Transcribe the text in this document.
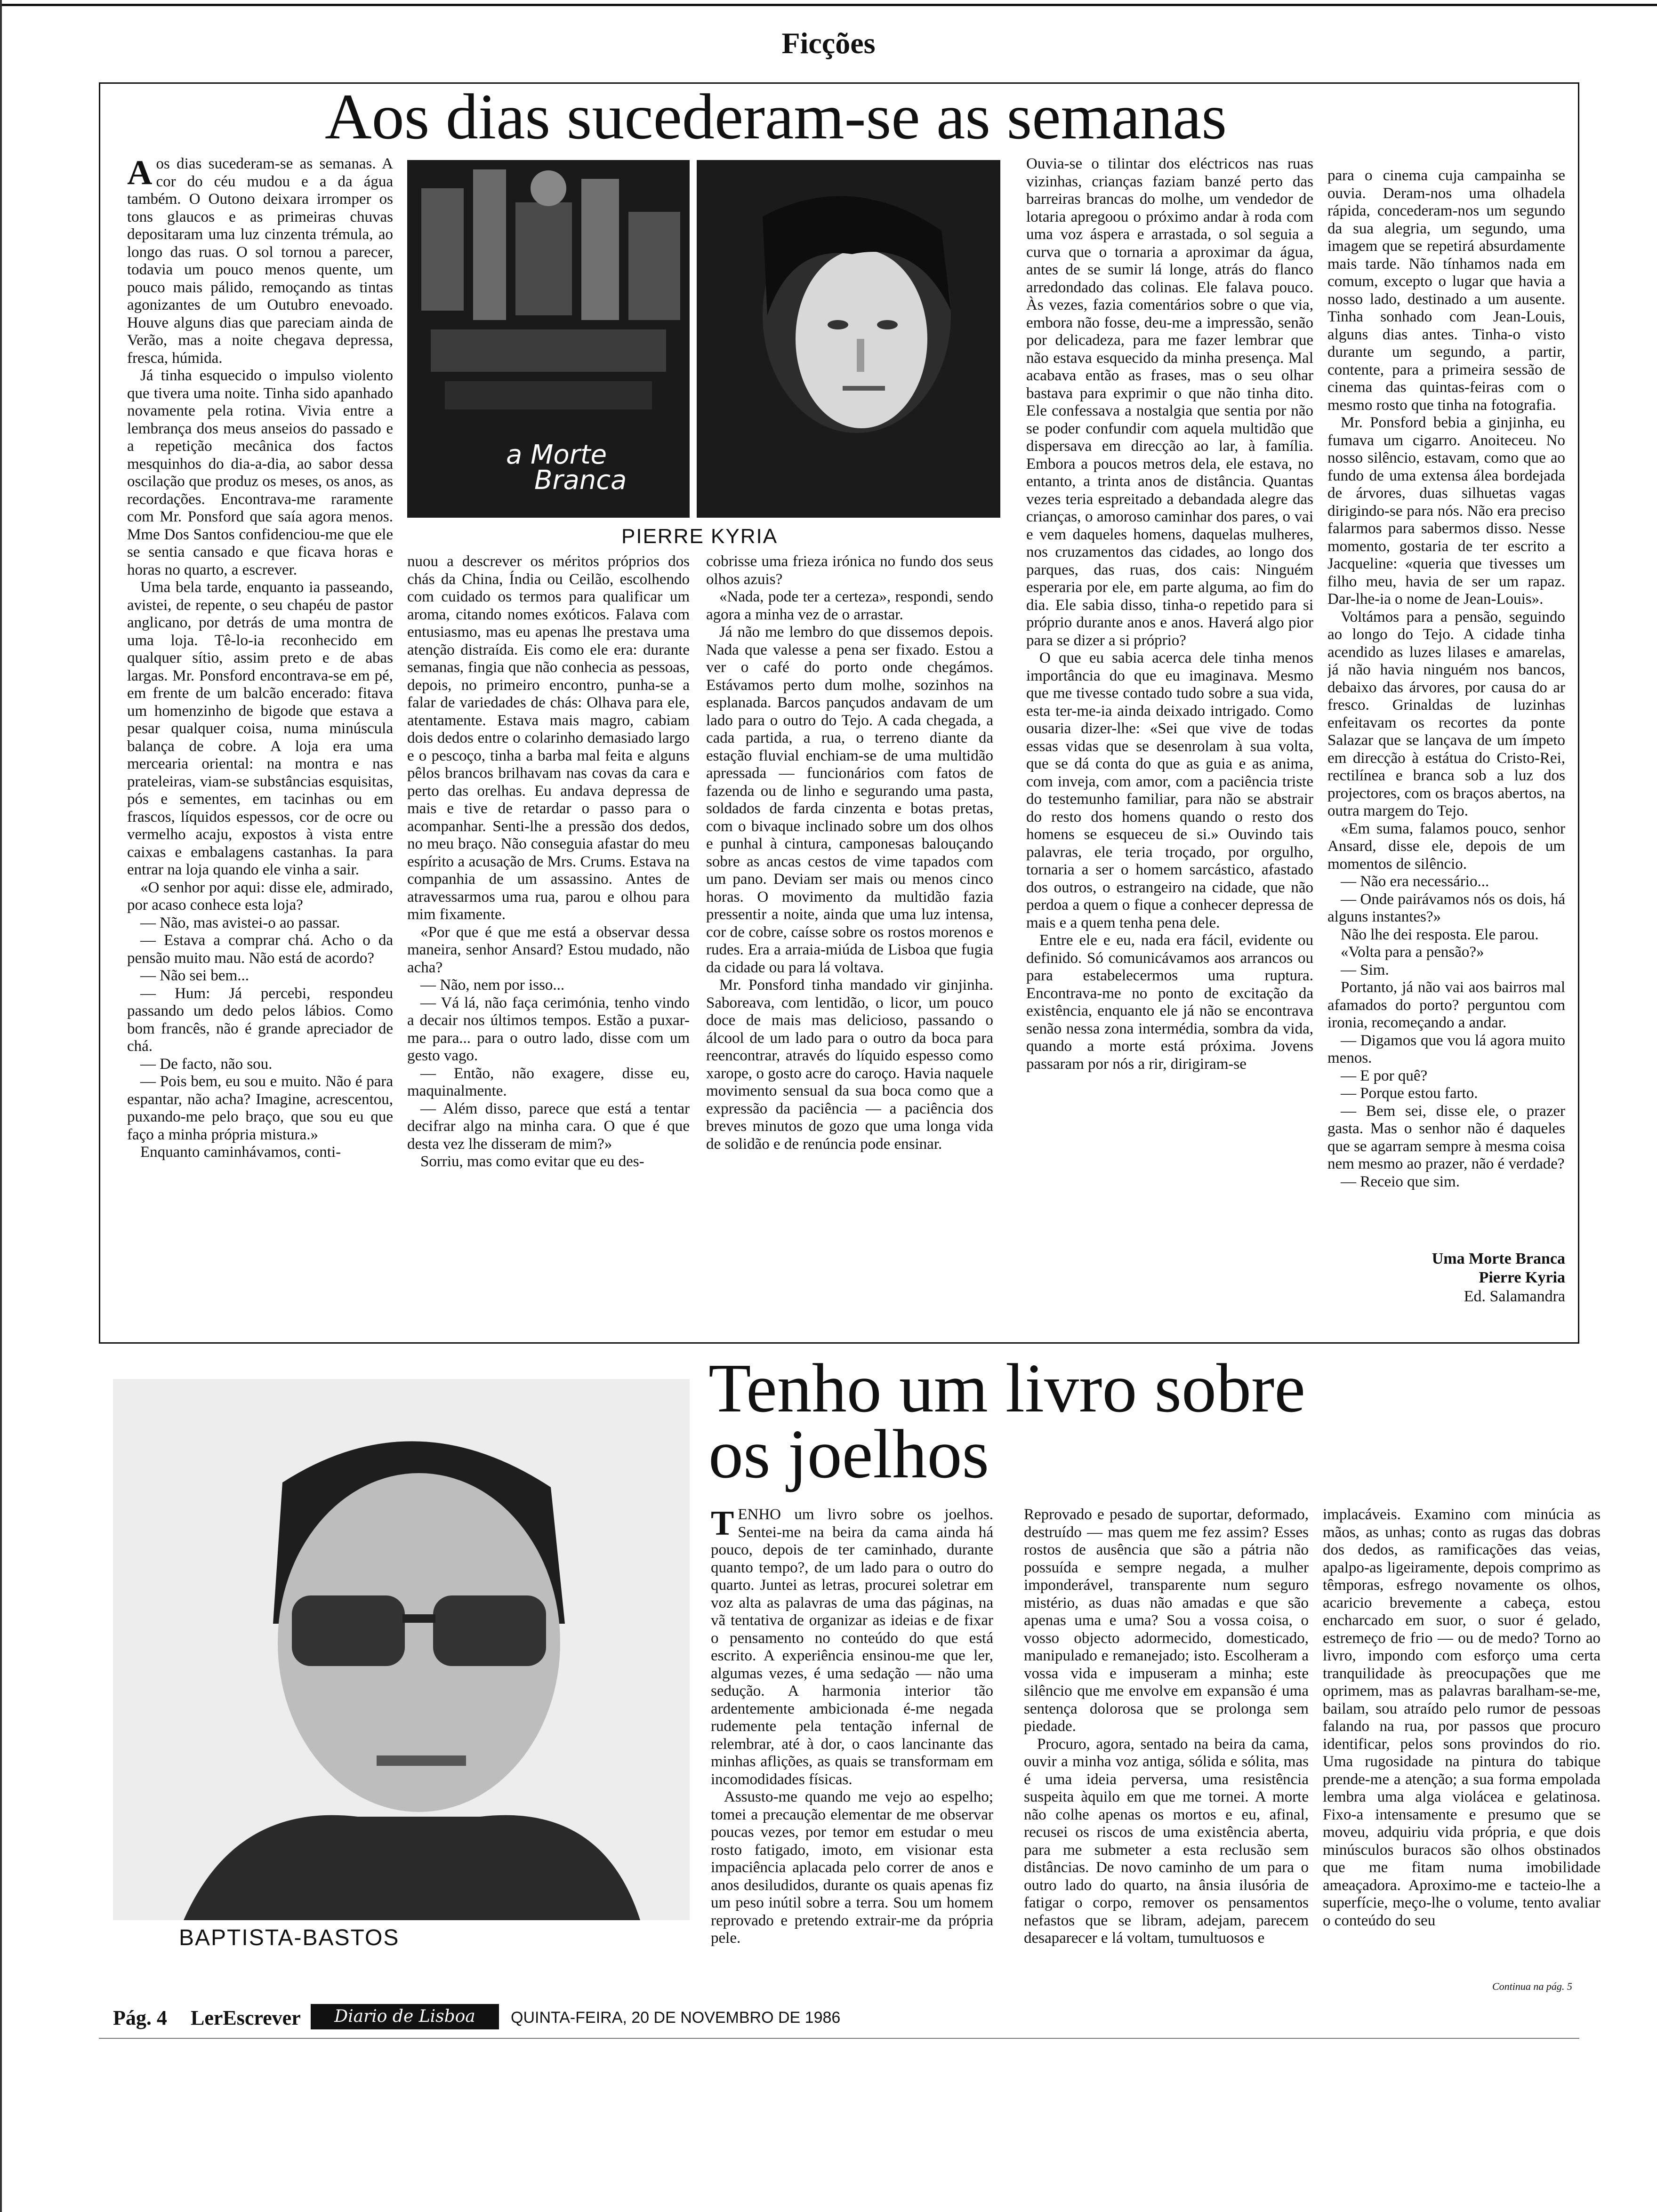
Ficções
Aos dias sucederam-se as semanas

Aos dias sucederam-se as semanas. A cor do céu mudou e a da água também. O Outono deixara irromper os tons glaucos e as primeiras chuvas depositaram uma luz cinzenta trémula, ao longo das ruas. O sol tornou a parecer, todavia um pouco menos quente, um pouco mais pálido, remoçando as tintas agonizantes de um Outubro enevoado. Houve alguns dias que pareciam ainda de Verão, mas a noite chegava depressa, fresca, húmida.

Já tinha esquecido o impulso violento que tivera uma noite. Tinha sido apanhado novamente pela rotina. Vivia entre a lembrança dos meus anseios do passado e a repetição mecânica dos factos mesquinhos do dia-a-dia, ao sabor dessa oscilação que produz os meses, os anos, as recordações. Encontrava-me raramente com Mr. Ponsford que saía agora menos. Mme Dos Santos confidenciou-me que ele se sentia cansado e que ficava horas e horas no quarto, a escrever.

Uma bela tarde, enquanto ia passeando, avistei, de repente, o seu chapéu de pastor anglicano, por detrás de uma montra de uma loja. Tê-lo-ia reconhecido em qualquer sítio, assim preto e de abas largas. Mr. Ponsford encontrava-se em pé, em frente de um balcão encerado: fitava um homenzinho de bigode que estava a pesar qualquer coisa, numa minúscula balança de cobre. A loja era uma mercearia oriental: na montra e nas prateleiras, viam-se substâncias esquisitas, pós e sementes, em tacinhas ou em frascos, líquidos espessos, cor de ocre ou vermelho acaju, expostos à vista entre caixas e embalagens castanhas. Ia para entrar na loja quando ele vinha a sair.

«O senhor por aqui: disse ele, admirado, por acaso conhece esta loja?

— Não, mas avistei-o ao passar.

— Estava a comprar chá. Acho o da pensão muito mau. Não está de acordo?

— Não sei bem...

— Hum: Já percebi, respondeu passando um dedo pelos lábios. Como bom francês, não é grande apreciador de chá.

— De facto, não sou.

— Pois bem, eu sou e muito. Não é para espantar, não acha? Imagine, acrescentou, puxando-me pelo braço, que sou eu que faço a minha própria mistura.»

Enquanto caminhávamos, conti-

a Morte
Branca
PIERRE KYRIA

nuou a descrever os méritos próprios dos chás da China, Índia ou Ceilão, escolhendo com cuidado os termos para qualificar um aroma, citando nomes exóticos. Falava com entusiasmo, mas eu apenas lhe prestava uma atenção distraída. Eis como ele era: durante semanas, fingia que não conhecia as pessoas, depois, no primeiro encontro, punha-se a falar de variedades de chás: Olhava para ele, atentamente. Estava mais magro, cabiam dois dedos entre o colarinho demasiado largo e o pescoço, tinha a barba mal feita e alguns pêlos brancos brilhavam nas covas da cara e perto das orelhas. Eu andava depressa de mais e tive de retardar o passo para o acompanhar. Senti-lhe a pressão dos dedos, no meu braço. Não conseguia afastar do meu espírito a acusação de Mrs. Crums. Estava na companhia de um assassino. Antes de atravessarmos uma rua, parou e olhou para mim fixamente.

«Por que é que me está a observar dessa maneira, senhor Ansard? Estou mudado, não acha?

— Não, nem por isso...

— Vá lá, não faça cerimónia, tenho vindo a decair nos últimos tempos. Estão a puxar-me para... para o outro lado, disse com um gesto vago.

— Então, não exagere, disse eu, maquinalmente.

— Além disso, parece que está a tentar decifrar algo na minha cara. O que é que desta vez lhe disseram de mim?»

Sorriu, mas como evitar que eu des-

cobrisse uma frieza irónica no fundo dos seus olhos azuis?

«Nada, pode ter a certeza», respondi, sendo agora a minha vez de o arrastar.

Já não me lembro do que dissemos depois. Nada que valesse a pena ser fixado. Estou a ver o café do porto onde chegámos. Estávamos perto dum molhe, sozinhos na esplanada. Barcos pançudos andavam de um lado para o outro do Tejo. A cada chegada, a cada partida, a rua, o terreno diante da estação fluvial enchiam-se de uma multidão apressada — funcionários com fatos de fazenda ou de linho e segurando uma pasta, soldados de farda cinzenta e botas pretas, com o bivaque inclinado sobre um dos olhos e punhal à cintura, camponesas balouçando sobre as ancas cestos de vime tapados com um pano. Deviam ser mais ou menos cinco horas. O movimento da multidão fazia pressentir a noite, ainda que uma luz intensa, cor de cobre, caísse sobre os rostos morenos e rudes. Era a arraia-miúda de Lisboa que fugia da cidade ou para lá voltava.

Mr. Ponsford tinha mandado vir ginjinha. Saboreava, com lentidão, o licor, um pouco doce de mais mas delicioso, passando o álcool de um lado para o outro da boca para reencontrar, através do líquido espesso como xarope, o gosto acre do caroço. Havia naquele movimento sensual da sua boca como que a expressão da paciência — a paciência dos breves minutos de gozo que uma longa vida de solidão e de renúncia pode ensinar.

Ouvia-se o tilintar dos eléctricos nas ruas vizinhas, crianças faziam banzé perto das barreiras brancas do molhe, um vendedor de lotaria apregoou o próximo andar à roda com uma voz áspera e arrastada, o sol seguia a curva que o tornaria a aproximar da água, antes de se sumir lá longe, atrás do flanco arredondado das colinas. Ele falava pouco. Às vezes, fazia comentários sobre o que via, embora não fosse, deu-me a impressão, senão por delicadeza, para me fazer lembrar que não estava esquecido da minha presença. Mal acabava então as frases, mas o seu olhar bastava para exprimir o que não tinha dito. Ele confessava a nostalgia que sentia por não se poder confundir com aquela multidão que dispersava em direcção ao lar, à família. Embora a poucos metros dela, ele estava, no entanto, a trinta anos de distância. Quantas vezes teria espreitado a debandada alegre das crianças, o amoroso caminhar dos pares, o vai e vem daqueles homens, daquelas mulheres, nos cruzamentos das cidades, ao longo dos parques, das ruas, dos cais: Ninguém esperaria por ele, em parte alguma, ao fim do dia. Ele sabia disso, tinha-o repetido para si próprio durante anos e anos. Haverá algo pior para se dizer a si próprio?

O que eu sabia acerca dele tinha menos importância do que eu imaginava. Mesmo que me tivesse contado tudo sobre a sua vida, esta ter-me-ia ainda deixado intrigado. Como ousaria dizer-lhe: «Sei que vive de todas essas vidas que se desenrolam à sua volta, que se dá conta do que as guia e as anima, com inveja, com amor, com a paciência triste do testemunho familiar, para não se abstrair do resto dos homens quando o resto dos homens se esqueceu de si.» Ouvindo tais palavras, ele teria troçado, por orgulho, tornaria a ser o homem sarcástico, afastado dos outros, o estrangeiro na cidade, que não perdoa a quem o fique a conhecer depressa de mais e a quem tenha pena dele.

Entre ele e eu, nada era fácil, evidente ou definido. Só comunicávamos aos arrancos ou para estabelecermos uma ruptura. Encontrava-me no ponto de excitação da existência, enquanto ele já não se encontrava senão nessa zona intermédia, sombra da vida, quando a morte está próxima. Jovens passaram por nós a rir, dirigiram-se

para o cinema cuja campainha se ouvia. Deram-nos uma olhadela rápida, concederam-nos um segundo da sua alegria, um segundo, uma imagem que se repetirá absurdamente mais tarde. Não tínhamos nada em comum, excepto o lugar que havia a nosso lado, destinado a um ausente. Tinha sonhado com Jean-Louis, alguns dias antes. Tinha-o visto durante um segundo, a partir, contente, para a primeira sessão de cinema das quintas-feiras com o mesmo rosto que tinha na fotografia.

Mr. Ponsford bebia a ginjinha, eu fumava um cigarro. Anoiteceu. No nosso silêncio, estavam, como que ao fundo de uma extensa álea bordejada de árvores, duas silhuetas vagas dirigindo-se para nós. Não era preciso falarmos para sabermos disso. Nesse momento, gostaria de ter escrito a Jacqueline: «queria que tivesses um filho meu, havia de ser um rapaz. Dar-lhe-ia o nome de Jean-Louis».

Voltámos para a pensão, seguindo ao longo do Tejo. A cidade tinha acendido as luzes lilases e amarelas, já não havia ninguém nos bancos, debaixo das árvores, por causa do ar fresco. Grinaldas de luzinhas enfeitavam os recortes da ponte Salazar que se lançava de um ímpeto em direcção à estátua do Cristo-Rei, rectilínea e branca sob a luz dos projectores, com os braços abertos, na outra margem do Tejo.

«Em suma, falamos pouco, senhor Ansard, disse ele, depois de um momentos de silêncio.

— Não era necessário...

— Onde pairávamos nós os dois, há alguns instantes?»

Não lhe dei resposta. Ele parou.

«Volta para a pensão?»

— Sim.

Portanto, já não vai aos bairros mal afamados do porto? perguntou com ironia, recomeçando a andar.

— Digamos que vou lá agora muito menos.

— E por quê?

— Porque estou farto.

— Bem sei, disse ele, o prazer gasta. Mas o senhor não é daqueles que se agarram sempre à mesma coisa nem mesmo ao prazer, não é verdade?

— Receio que sim.

Uma Morte Branca
Pierre Kyria
Ed. Salamandra
BAPTISTA-BASTOS
Tenho um livro sobre
os joelhos

TENHO um livro sobre os joelhos. Sentei-me na beira da cama ainda há pouco, depois de ter caminhado, durante quanto tempo?, de um lado para o outro do quarto. Juntei as letras, procurei soletrar em voz alta as palavras de uma das páginas, na vã tentativa de organizar as ideias e de fixar o pensamento no conteúdo do que está escrito. A experiência ensinou-me que ler, algumas vezes, é uma sedação — não uma sedução. A harmonia interior tão ardentemente ambicionada é-me negada rudemente pela tentação infernal de relembrar, até à dor, o caos lancinante das minhas aflições, as quais se transformam em incomodidades físicas.

Assusto-me quando me vejo ao espelho; tomei a precaução elementar de me observar poucas vezes, por temor em estudar o meu rosto fatigado, imoto, em visionar esta impaciência aplacada pelo correr de anos e anos desiludidos, durante os quais apenas fiz um peso inútil sobre a terra. Sou um homem reprovado e pretendo extrair-me da própria pele.

Reprovado e pesado de suportar, deformado, destruído — mas quem me fez assim? Esses rostos de ausência que são a pátria não possuída e sempre negada, a mulher imponderável, transparente num seguro mistério, as duas não amadas e que são apenas uma e uma? Sou a vossa coisa, o vosso objecto adormecido, domesticado, manipulado e remanejado; isto. Escolheram a vossa vida e impuseram a minha; este silêncio que me envolve em expansão é uma sentença dolorosa que se prolonga sem piedade.

Procuro, agora, sentado na beira da cama, ouvir a minha voz antiga, sólida e sólita, mas é uma ideia perversa, uma resistência suspeita àquilo em que me tornei. A morte não colhe apenas os mortos e eu, afinal, recusei os riscos de uma existência aberta, para me submeter a esta reclusão sem distâncias. De novo caminho de um para o outro lado do quarto, na ânsia ilusória de fatigar o corpo, remover os pensamentos nefastos que se libram, adejam, parecem desaparecer e lá voltam, tumultuosos e

implacáveis. Examino com minúcia as mãos, as unhas; conto as rugas das dobras dos dedos, as ramificações das veias, apalpo-as ligeiramente, depois comprimo as têmporas, esfrego novamente os olhos, acaricio brevemente a cabeça, estou encharcado em suor, o suor é gelado, estremeço de frio — ou de medo? Torno ao livro, impondo com esforço uma certa tranquilidade às preocupações que me oprimem, mas as palavras baralham-se-me, bailam, sou atraído pelo rumor de pessoas falando na rua, por passos que procuro identificar, pelos sons provindos do rio. Uma rugosidade na pintura do tabique prende-me a atenção; a sua forma empolada lembra uma alga violácea e gelatinosa. Fixo-a intensamente e presumo que se moveu, adquiriu vida própria, e que dois minúsculos buracos são olhos obstinados que me fitam numa imobilidade ameaçadora. Aproximo-me e tacteio-lhe a superfície, meço-lhe o volume, tento avaliar o conteúdo do seu

Continua na pág. 5
Pág. 4 LerEscrever	Diario de Lisboa	QUINTA-FEIRA, 20 DE NOVEMBRO DE 1986
